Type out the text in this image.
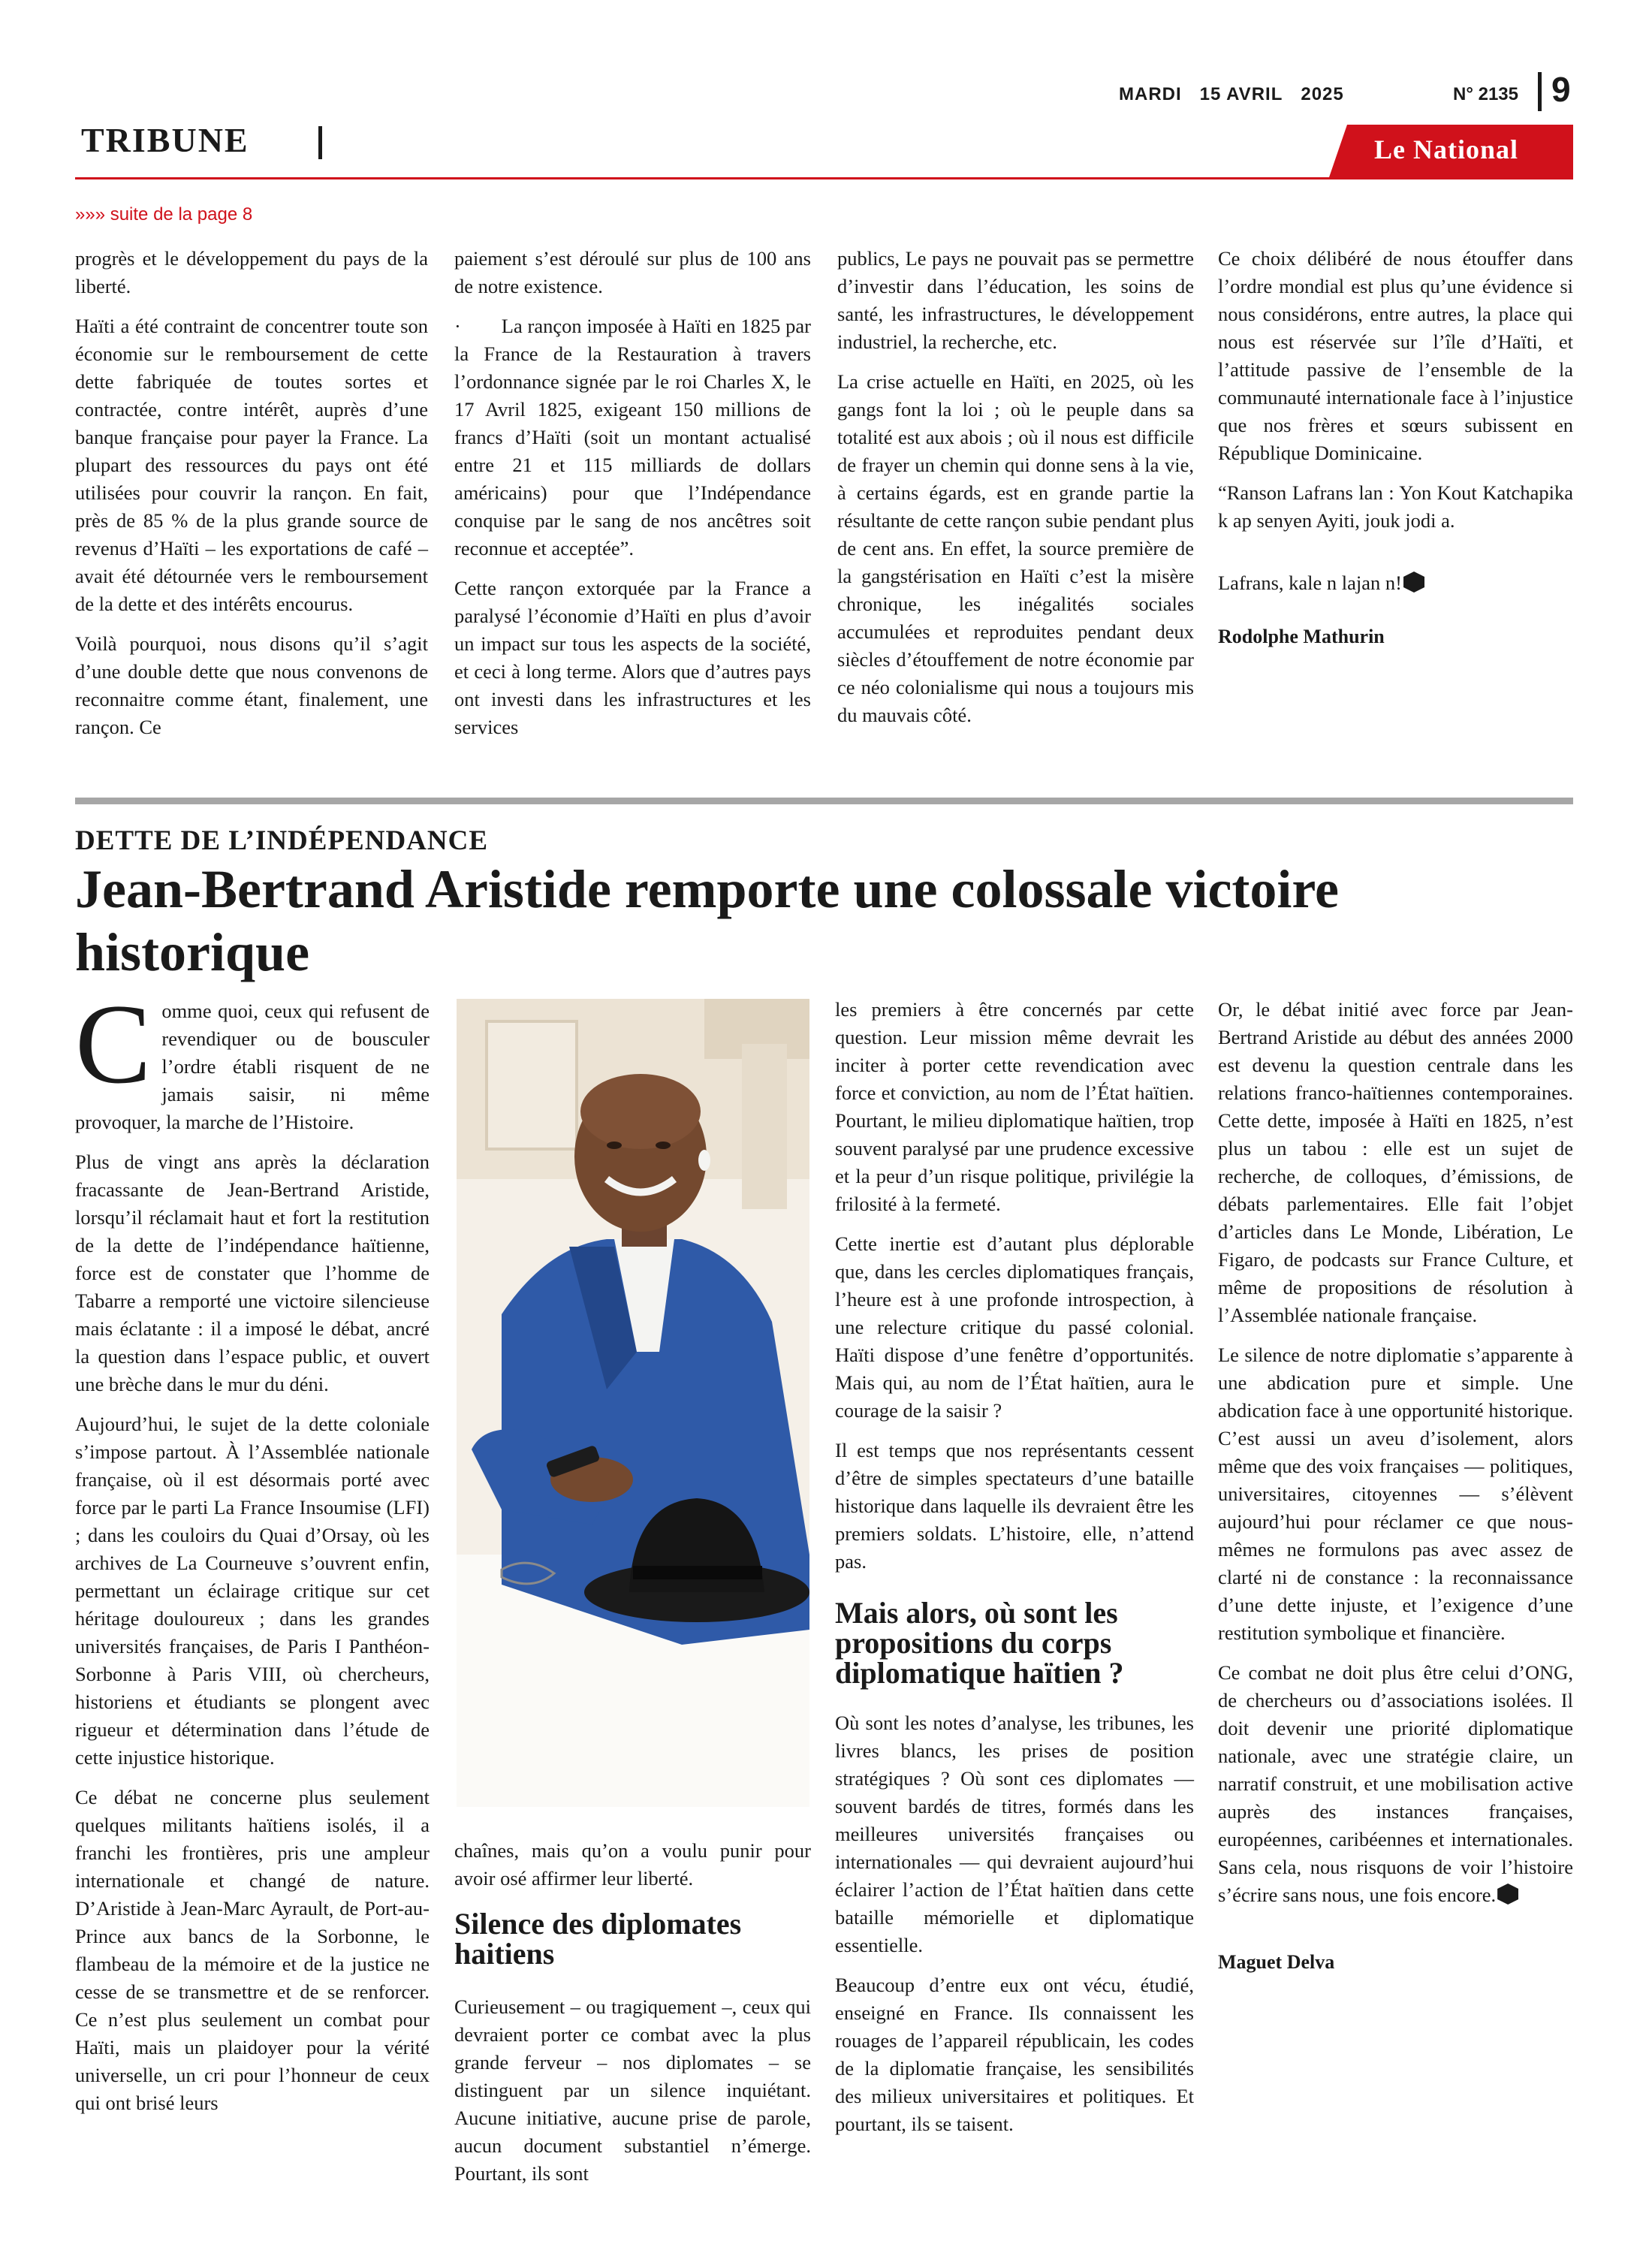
MARDI 15 AVRIL 2025	N° 2135 9
TRIBUNE	Le National
»»» suite de la page 8

progrès et le développement du pays de la liberté.

Haïti a été contraint de concentrer toute son économie sur le remboursement de cette dette fabriquée de toutes sortes et contractée, contre intérêt, auprès d’une banque française pour payer la France. La plupart des ressources du pays ont été utilisées pour couvrir la rançon. En fait, près de 85 % de la plus grande source de revenus d’Haïti – les exportations de café – avait été détournée vers le remboursement de la dette et des intérêts encourus.

Voilà pourquoi, nous disons qu’il s’agit d’une double dette que nous convenons de reconnaitre comme étant, finalement, une rançon. Ce

paiement s’est déroulé sur plus de 100 ans de notre existence.

·        La rançon imposée à Haïti en 1825 par la France de la Restauration à travers l’ordonnance signée par le roi Charles X, le 17 Avril 1825, exigeant 150 millions de francs d’Haïti (soit un montant actualisé entre 21 et 115 milliards de dollars américains) pour que l’Indépendance conquise par le sang de nos ancêtres soit reconnue et acceptée”.

Cette rançon extorquée par la France a paralysé l’économie d’Haïti en plus d’avoir un impact sur tous les aspects de la société, et ceci à long terme. Alors que d’autres pays ont investi dans les infrastructures et les services

publics, Le pays ne pouvait pas se permettre d’investir dans l’éducation, les soins de santé, les infrastructures, le développement industriel, la recherche, etc.

La crise actuelle en Haïti, en 2025, où les gangs font la loi ; où le peuple dans sa totalité est aux abois ; où il nous est difficile de frayer un chemin qui donne sens à la vie, à certains égards, est en grande partie la résultante de cette rançon subie pendant plus de cent ans. En effet, la source première de la gangstérisation en Haïti c’est la misère chronique, les inégalités sociales accumulées et reproduites pendant deux siècles d’étouffement de notre économie par ce néo colonialisme qui nous a toujours mis du mauvais côté.

Ce choix délibéré de nous étouffer dans l’ordre mondial est plus qu’une évidence si nous considérons, entre autres, la place qui nous est réservée sur l’île d’Haïti, et l’attitude passive de l’ensemble de la communauté internationale face à l’injustice que nos frères et sœurs subissent en République Dominicaine.

“Ranson Lafrans lan : Yon Kout Katchapika k ap senyen Ayiti, jouk jodi a.

Lafrans, kale n lajan n!

Rodolphe Mathurin
DETTE DE L’INDÉPENDANCE
Jean-Bertrand Aristide remporte une colossale victoire historique

Comme quoi, ceux qui refusent de revendiquer ou de bousculer l’ordre établi risquent de ne jamais saisir, ni même provoquer, la marche de l’Histoire.

Plus de vingt ans après la déclaration fracassante de Jean-Bertrand Aristide, lorsqu’il réclamait haut et fort la restitution de la dette de l’indépendance haïtienne, force est de constater que l’homme de Tabarre a remporté une victoire silencieuse mais éclatante : il a imposé le débat, ancré la question dans l’espace public, et ouvert une brèche dans le mur du déni.

Aujourd’hui, le sujet de la dette coloniale s’impose partout. À l’Assemblée nationale française, où il est désormais porté avec force par le parti La France Insoumise (LFI) ; dans les couloirs du Quai d’Orsay, où les archives de La Courneuve s’ouvrent enfin, permettant un éclairage critique sur cet héritage douloureux ; dans les grandes universités françaises, de Paris I Panthéon-Sorbonne à Paris VIII, où chercheurs, historiens et étudiants se plongent avec rigueur et détermination dans l’étude de cette injustice historique.

Ce débat ne concerne plus seulement quelques militants haïtiens isolés, il a franchi les frontières, pris une ampleur internationale et changé de nature. D’Aristide à Jean-Marc Ayrault, de Port-au-Prince aux bancs de la Sorbonne, le flambeau de la mémoire et de la justice ne cesse de se transmettre et de se renforcer. Ce n’est plus seulement un combat pour Haïti, mais un plaidoyer pour la vérité universelle, un cri pour l’honneur de ceux qui ont brisé leurs

chaînes, mais qu’on a voulu punir pour avoir osé affirmer leur liberté.

Silence des diplomates haitiens

Curieusement – ou tragiquement –, ceux qui devraient porter ce combat avec la plus grande ferveur – nos diplomates – se distinguent par un silence inquiétant. Aucune initiative, aucune prise de parole, aucun document substantiel n’émerge. Pourtant, ils sont

les premiers à être concernés par cette question. Leur mission même devrait les inciter à porter cette revendication avec force et conviction, au nom de l’État haïtien. Pourtant, le milieu diplomatique haïtien, trop souvent paralysé par une prudence excessive et la peur d’un risque politique, privilégie la frilosité à la fermeté.

Cette inertie est d’autant plus déplorable que, dans les cercles diplomatiques français, l’heure est à une profonde introspection, à une relecture critique du passé colonial. Haïti dispose d’une fenêtre d’opportunités. Mais qui, au nom de l’État haïtien, aura le courage de la saisir ?

Il est temps que nos représentants cessent d’être de simples spectateurs d’une bataille historique dans laquelle ils devraient être les premiers soldats. L’histoire, elle, n’attend pas.

Mais alors, où sont les propositions du corps diplomatique haïtien ?

Où sont les notes d’analyse, les tribunes, les livres blancs, les prises de position stratégiques ? Où sont ces diplomates — souvent bardés de titres, formés dans les meilleures universités françaises ou internationales — qui devraient aujourd’hui éclairer l’action de l’État haïtien dans cette bataille mémorielle et diplomatique essentielle.

Beaucoup d’entre eux ont vécu, étudié, enseigné en France. Ils connaissent les rouages de l’appareil républicain, les codes de la diplomatie française, les sensibilités des milieux universitaires et politiques. Et pourtant, ils se taisent.

Or, le débat initié avec force par Jean-Bertrand Aristide au début des années 2000 est devenu la question centrale dans les relations franco-haïtiennes contemporaines. Cette dette, imposée à Haïti en 1825, n’est plus un tabou : elle est un sujet de recherche, de colloques, d’émissions, de débats parlementaires. Elle fait l’objet d’articles dans Le Monde, Libération, Le Figaro, de podcasts sur France Culture, et même de propositions de résolution à l’Assemblée nationale française.

Le silence de notre diplomatie s’apparente à une abdication pure et simple. Une abdication face à une opportunité historique. C’est aussi un aveu d’isolement, alors même que des voix françaises — politiques, universitaires, citoyennes — s’élèvent aujourd’hui pour réclamer ce que nous-mêmes ne formulons pas avec assez de clarté ni de constance : la reconnaissance d’une dette injuste, et l’exigence d’une restitution symbolique et financière.

Ce combat ne doit plus être celui d’ONG, de chercheurs ou d’associations isolées. Il doit devenir une priorité diplomatique nationale, avec une stratégie claire, un narratif construit, et une mobilisation active auprès des instances françaises, européennes, caribéennes et internationales. Sans cela, nous risquons de voir l’histoire s’écrire sans nous, une fois encore.

Maguet Delva
